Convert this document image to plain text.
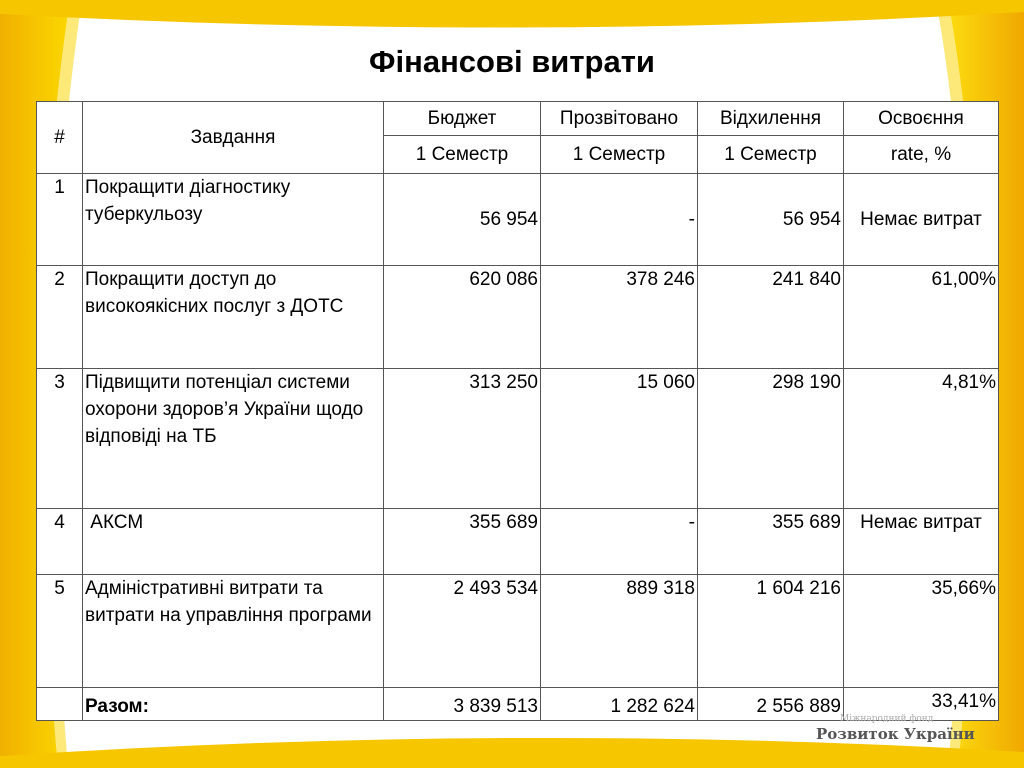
Фінансові витрати
#	Завдання	Бюджет	Прозвітовано	Відхилення	Освоєння
		1 Семестр	1 Семестр	1 Семестр	rate, %
1	Покращити діагностику туберкульозу	56 954	-	56 954	Немає витрат
2	Покращити доступ до високоякісних послуг з ДОТС	620 086	378 246	241 840	61,00%
3	Підвищити потенціал системи охорони здоров’я України щодо відповіді на ТБ	313 250	15 060	298 190	4,81%
4	АКСМ	355 689	-	355 689	Немає витрат
5	Адміністративні витрати та витрати на управління програми	2 493 534	889 318	1 604 216	35,66%
	Разом:	3 839 513	1 282 624	2 556 889	33,41%
Міжнародний фонд
Розвиток України
